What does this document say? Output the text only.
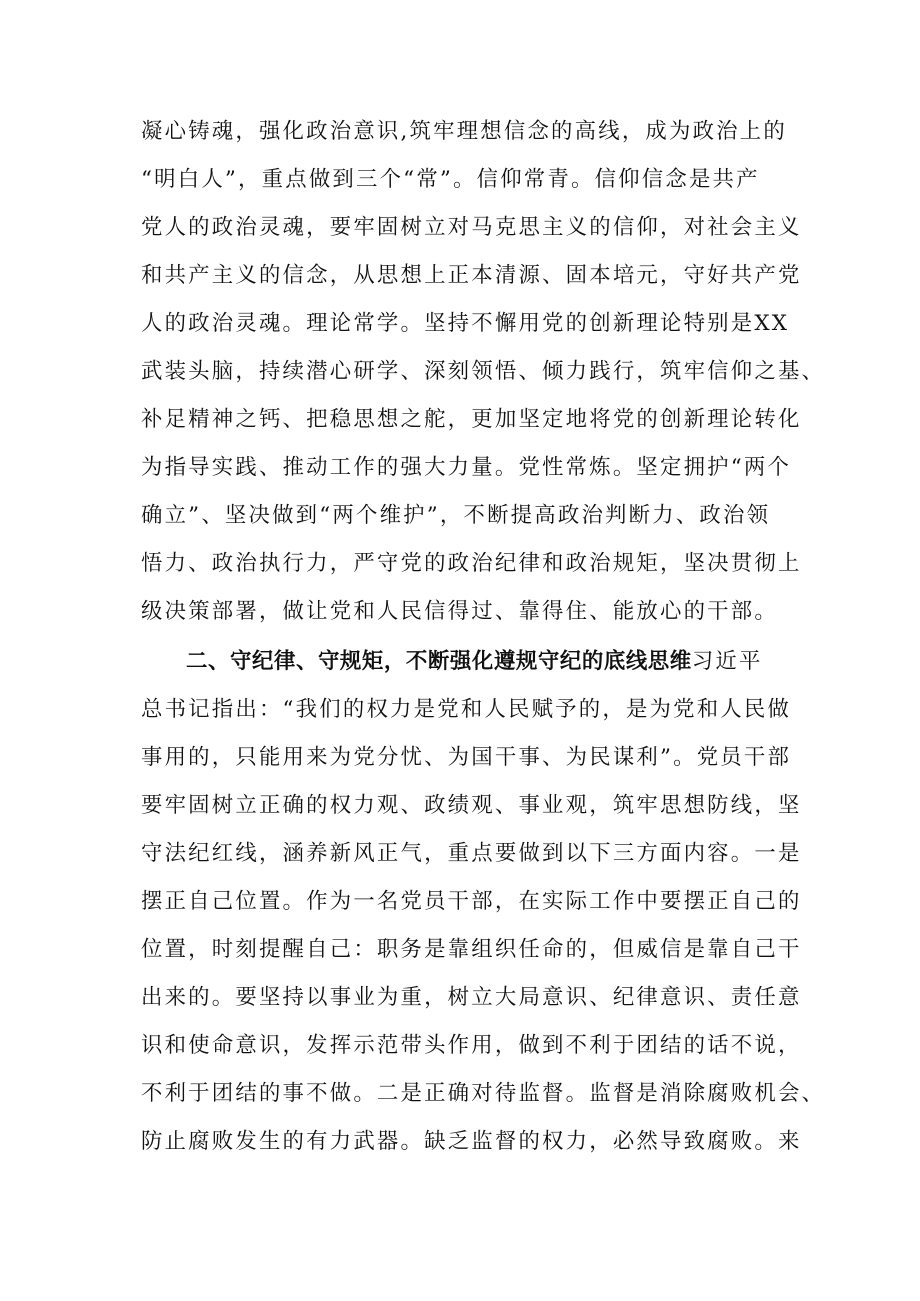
凝心铸魂，强化政治意识,筑牢理想信念的高线，成为政治上的
“明白人”，重点做到三个“常”。信仰常青。信仰信念是共产
党人的政治灵魂，要牢固树立对马克思主义的信仰，对社会主义
和共产主义的信念，从思想上正本清源、固本培元，守好共产党
人的政治灵魂。理论常学。坚持不懈用党的创新理论特别是XX
武装头脑，持续潜心研学、深刻领悟、倾力践行，筑牢信仰之基、
补足精神之钙、把稳思想之舵，更加坚定地将党的创新理论转化
为指导实践、推动工作的强大力量。党性常炼。坚定拥护“两个
确立”、坚决做到“两个维护”，不断提高政治判断力、政治领
悟力、政治执行力，严守党的政治纪律和政治规矩，坚决贯彻上
级决策部署，做让党和人民信得过、靠得住、能放心的干部。
二、守纪律、守规矩，不断强化遵规守纪的底线思维习近平
总书记指出：“我们的权力是党和人民赋予的，是为党和人民做
事用的，只能用来为党分忧、为国干事、为民谋利”。党员干部
要牢固树立正确的权力观、政绩观、事业观，筑牢思想防线，坚
守法纪红线，涵养新风正气，重点要做到以下三方面内容。一是
摆正自己位置。作为一名党员干部，在实际工作中要摆正自己的
位置，时刻提醒自己：职务是靠组织任命的，但威信是靠自己干
出来的。要坚持以事业为重，树立大局意识、纪律意识、责任意
识和使命意识，发挥示范带头作用，做到不利于团结的话不说，
不利于团结的事不做。二是正确对待监督。监督是消除腐败机会、
防止腐败发生的有力武器。缺乏监督的权力，必然导致腐败。来
